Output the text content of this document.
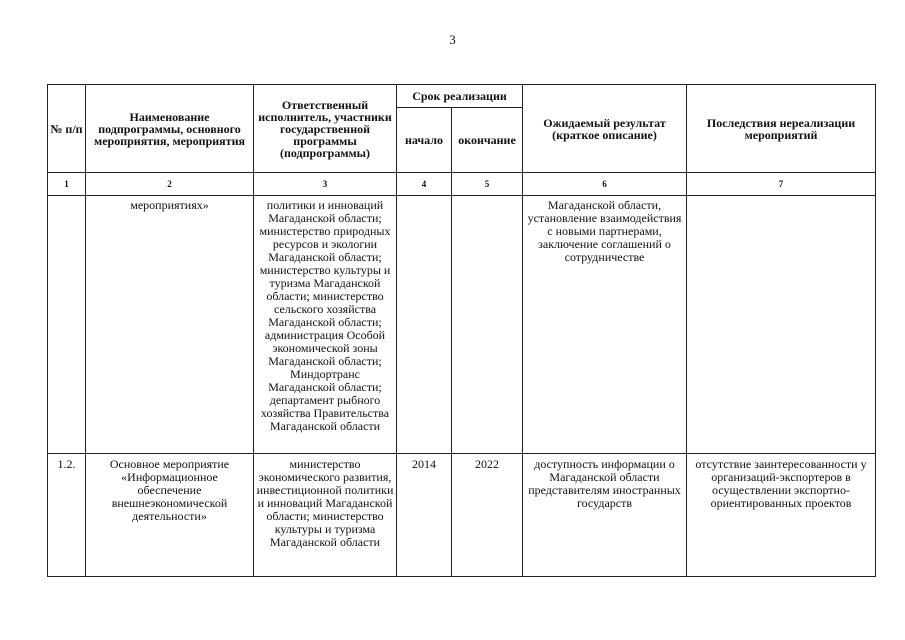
3
№ п/п	Наименование подпрограммы, основного мероприятия, мероприятия	Ответственный исполнитель, участники государственной программы (подпрограммы)	Срок реализации		Ожидаемый результат (краткое описание)	Последствия нереализации мероприятий
			начало	окончание		
1	2	3	4	5	6	7
	мероприятиях»	политики и инноваций Магаданской области; министерство природных ресурсов и экологии Магаданской области; министерство культуры и туризма Магаданской области; министерство сельского хозяйства Магаданской области; администрация Особой экономической зоны Магаданской области; Миндортранс Магаданской области; департамент рыбного хозяйства Правительства Магаданской области			Магаданской области, установление взаимодействия с новыми партнерами, заключение соглашений о сотрудничестве	
1.2.	Основное мероприятие «Информационное обеспечение внешнеэкономической деятельности»	министерство экономического развития, инвестиционной политики и инноваций Магаданской области; министерство культуры и туризма Магаданской области	2014	2022	доступность информации о Магаданской области представителям иностранных государств	отсутствие заинтересованности у организаций-экспортеров в осуществлении экспортно-ориентированных проектов
